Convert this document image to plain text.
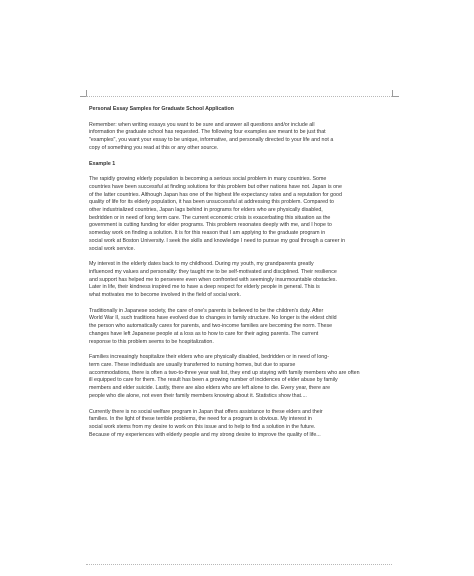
Personal Essay Samples for Graduate School Application
Remember: when writing essays you want to be sure and answer all questions and/or include all
information the graduate school has requested. The following four examples are meant to be just that
"examples", you want your essay to be unique, informative, and personally directed to your life and not a
copy of something you read at this or any other source.
Example 1
The rapidly growing elderly population is becoming a serious social problem in many countries. Some
countries have been successful at finding solutions for this problem but other nations have not. Japan is one
of the latter countries. Although Japan has one of the highest life expectancy rates and a reputation for good
quality of life for its elderly population, it has been unsuccessful at addressing this problem. Compared to
other industrialized countries, Japan lags behind in programs for elders who are physically disabled,
bedridden or in need of long term care. The current economic crisis is exacerbating this situation as the
government is cutting funding for elder programs. This problem resonates deeply with me, and I hope to
someday work on finding a solution. It is for this reason that I am applying to the graduate program in
social work at Boston University. I seek the skills and knowledge I need to pursue my goal through a career in
social work service.
My interest in the elderly dates back to my childhood. During my youth, my grandparents greatly
influenced my values and personality: they taught me to be self-motivated and disciplined. Their resilience
and support has helped me to persevere even when confronted with seemingly insurmountable obstacles.
Later in life, their kindness inspired me to have a deep respect for elderly people in general. This is
what motivates me to become involved in the field of social work.
Traditionally in Japanese society, the care of one's parents is believed to be the children's duty. After
World War II, such traditions have evolved due to changes in family structure. No longer is the eldest child
the person who automatically cares for parents, and two-income families are becoming the norm. These
changes have left Japanese people at a loss as to how to care for their aging parents. The current
response to this problem seems to be hospitalization.
Families increasingly hospitalize their elders who are physically disabled, bedridden or in need of long-
term care. These individuals are usually transferred to nursing homes, but due to sparse
accommodations, there is often a two-to-three year wait list, they end up staying with family members who are often
ill equipped to care for them. The result has been a growing number of incidences of elder abuse by family
members and elder suicide. Lastly, there are also elders who are left alone to die. Every year, there are
people who die alone, not even their family members knowing about it. Statistics show that....
Currently there is no social welfare program in Japan that offers assistance to these elders and their
families. In the light of these terrible problems, the need for a program is obvious. My interest in
social work stems from my desire to work on this issue and to help to find a solution in the future.
Because of my experiences with elderly people and my strong desire to improve the quality of life...
